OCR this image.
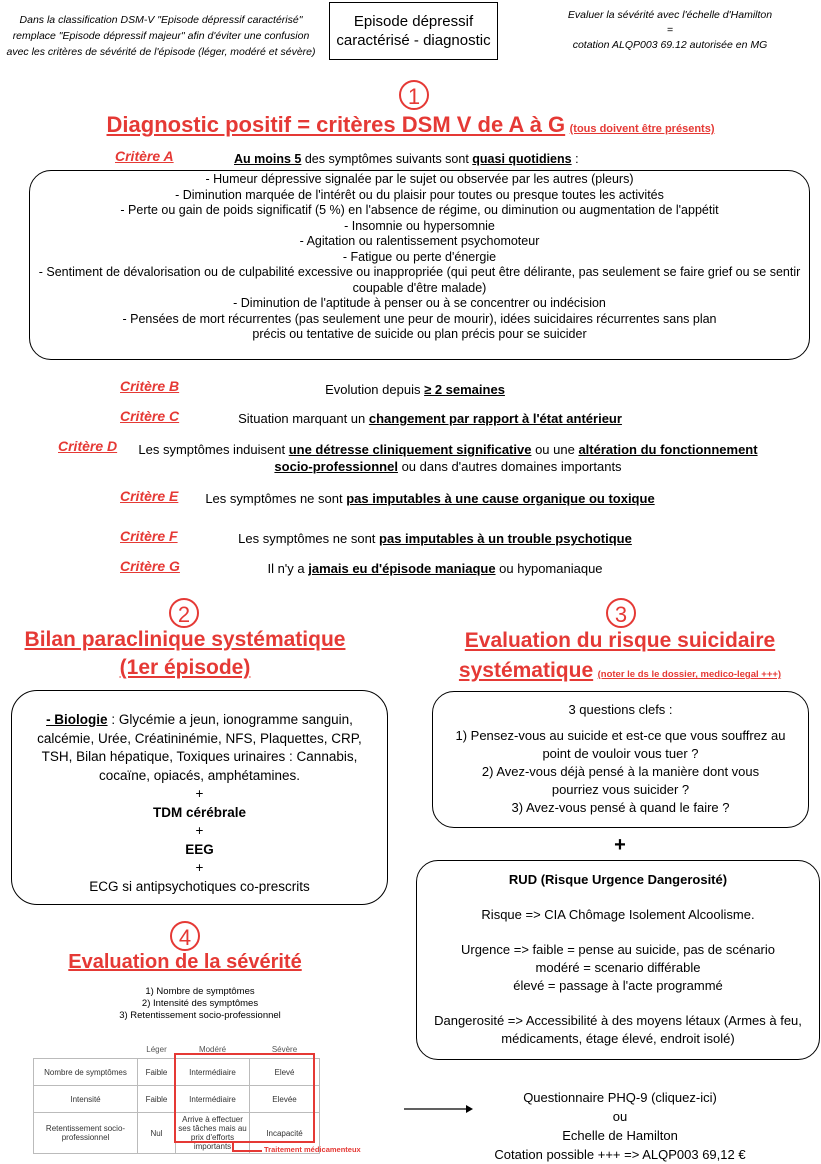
Dans la classification DSM-V "Episode dépressif caractérisé" remplace "Episode dépressif majeur" afin d'éviter une confusion avec les critères de sévérité de l'épisode (léger, modéré et sévère)
Episode dépressif
caractérisé - diagnostic
Evaluer la sévérité avec l'échelle d'Hamilton
=
cotation ALQP003 69.12 autorisée en MG
1
Diagnostic positif = critères DSM V de A à G (tous doivent être présents)
Critère A	Au moins 5 des symptômes suivants sont quasi quotidiens :
- Humeur dépressive signalée par le sujet ou observée par les autres (pleurs)
- Diminution marquée de l'intérêt ou du plaisir pour toutes ou presque toutes les activités
- Perte ou gain de poids significatif (5 %) en l'absence de régime, ou diminution ou augmentation de l'appétit
- Insomnie ou hypersomnie
- Agitation ou ralentissement psychomoteur
- Fatigue ou perte d'énergie
- Sentiment de dévalorisation ou de culpabilité excessive ou inappropriée (qui peut être délirante, pas seulement se faire grief ou se sentir coupable d'être malade)
- Diminution de l'aptitude à penser ou à se concentrer ou indécision
- Pensées de mort récurrentes (pas seulement une peur de mourir), idées suicidaires récurrentes sans plan précis ou tentative de suicide ou plan précis pour se suicider
Critère B	Evolution depuis ≥ 2 semaines
Critère C	Situation marquant un changement par rapport à l'état antérieur
Critère D	Les symptômes induisent une détresse cliniquement significative ou une altération du fonctionnement socio-professionnel ou dans d'autres domaines importants
Critère E	Les symptômes ne sont pas imputables à une cause organique ou toxique
Critère F	Les symptômes ne sont pas imputables à un trouble psychotique
Critère G	Il n'y a jamais eu d'épisode maniaque ou hypomaniaque
2
Bilan paraclinique systématique
(1er épisode)
- Biologie : Glycémie a jeun, ionogramme sanguin, calcémie, Urée, Créatininémie, NFS, Plaquettes, CRP, TSH, Bilan hépatique, Toxiques urinaires : Cannabis, cocaïne, opiacés, amphétamines.
+
TDM cérébrale
+
EEG
+
ECG si antipsychotiques co-prescrits
3
Evaluation du risque suicidaire
systématique (noter le ds le dossier, medico-legal +++)
3 questions clefs :
1) Pensez-vous au suicide et est-ce que vous souffrez au point de vouloir vous tuer ?
2) Avez-vous déjà pensé à la manière dont vous pourriez vous suicider ?
3) Avez-vous pensé à quand le faire ?
+
RUD (Risque Urgence Dangerosité)
Risque => CIA Chômage Isolement Alcoolisme.
Urgence => faible = pense au suicide, pas de scénario
modéré = scenario différable
élevé = passage à l'acte programmé
Dangerosité => Accessibilité à des moyens létaux (Armes à feu, médicaments, étage élevé, endroit isolé)
4
Evaluation de la sévérité
1) Nombre de symptômes
2) Intensité des symptômes
3) Retentissement socio-professionnel
	Léger	Modéré	Sévère
Nombre de symptômes	Faible	Intermédiaire	Elevé
Intensité	Faible	Intermédiaire	Elevée
Retentissement socio-professionnel	Nul	Arrive à effectuer ses tâches mais au prix d'efforts importants	Incapacité
Traitement médicamenteux
Questionnaire PHQ-9 (cliquez-ici)
ou
Echelle de Hamilton
Cotation possible +++ => ALQP003 69,12 €
